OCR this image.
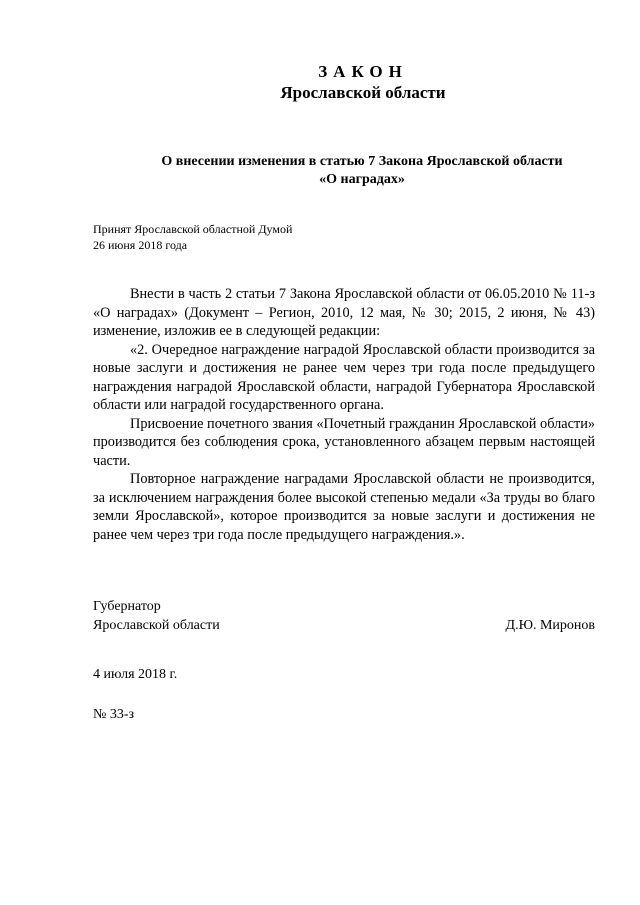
ЗАКОН
Ярославской области
О внесении изменения в статью 7 Закона Ярославской области
«О наградах»
Принят Ярославской областной Думой
26 июня 2018 года

Внести в часть 2 статьи 7 Закона Ярославской области от 06.05.2010 № 11-з «О наградах» (Документ – Регион, 2010, 12 мая, № 30; 2015, 2 июня, № 43) изменение, изложив ее в следующей редакции:

«2. Очередное награждение наградой Ярославской области производится за новые заслуги и достижения не ранее чем через три года после предыдущего награждения наградой Ярославской области, наградой Губернатора Ярославской области или наградой государственного органа.

Присвоение почетного звания «Почетный гражданин Ярославской области» производится без соблюдения срока, установленного абзацем первым настоящей части.

Повторное награждение наградами Ярославской области не производится, за исключением награждения более высокой степенью медали «За труды во благо земли Ярославской», которое производится за новые заслуги и достижения не ранее чем через три года после предыдущего награждения.».

Губернатор
Ярославской области	Д.Ю. Миронов
4 июля 2018 г.
№ 33-з
